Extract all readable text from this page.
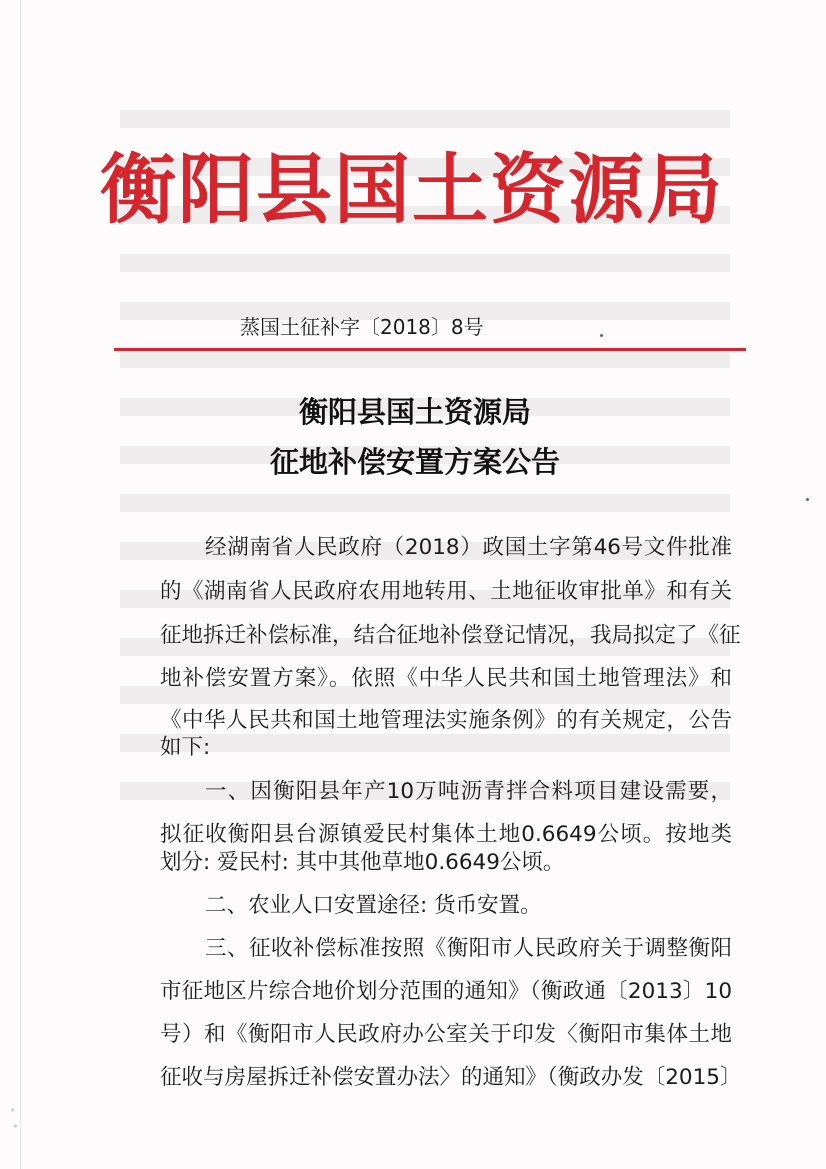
衡阳县国土资源局
蒸国土征补字〔2018〕8号
衡阳县国土资源局
征地补偿安置方案公告
经湖南省人民政府（2018）政国土字第46号文件批准
的《湖南省人民政府农用地转用、土地征收审批单》和有关
征地拆迁补偿标准，结合征地补偿登记情况，我局拟定了《征
地补偿安置方案》。依照《中华人民共和国土地管理法》和
《中华人民共和国土地管理法实施条例》的有关规定，公告
如下:
一、因衡阳县年产10万吨沥青拌合料项目建设需要，
拟征收衡阳县台源镇爱民村集体土地0.6649公顷。按地类
划分: 爱民村: 其中其他草地0.6649公顷。
二、农业人口安置途径: 货币安置。
三、征收补偿标准按照《衡阳市人民政府关于调整衡阳
市征地区片综合地价划分范围的通知》（衡政通〔2013〕10
号）和《衡阳市人民政府办公室关于印发〈衡阳市集体土地
征收与房屋拆迁补偿安置办法〉的通知》（衡政办发〔2015〕
